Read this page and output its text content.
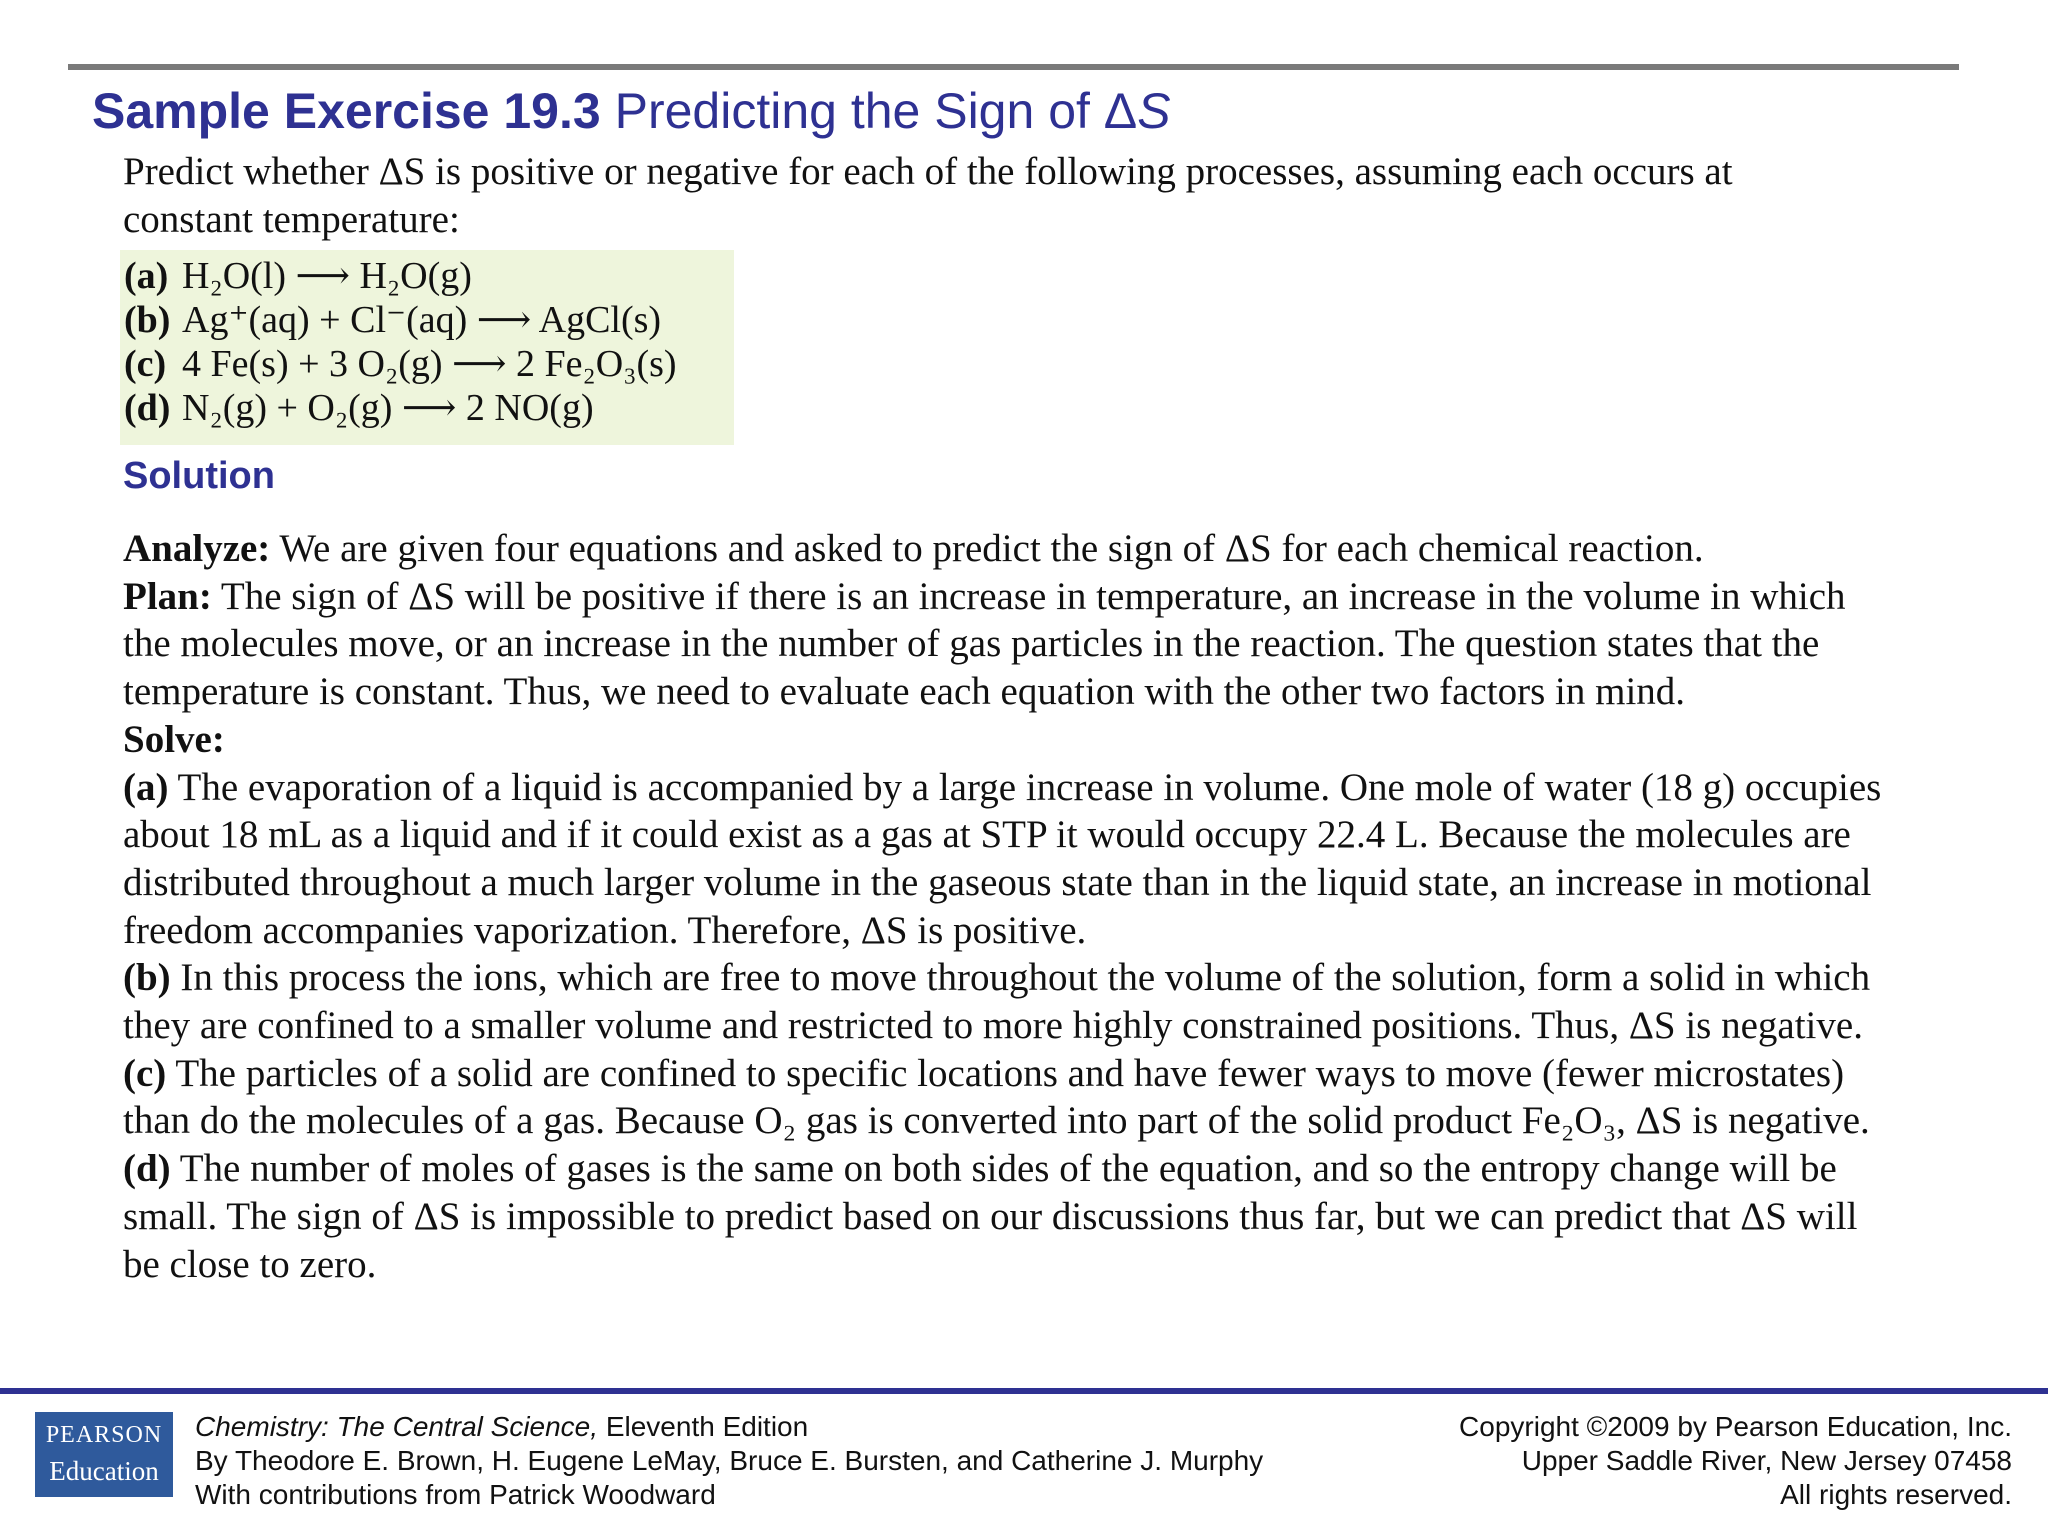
Sample Exercise 19.3 Predicting the Sign of ΔS
Predict whether ΔS is positive or negative for each of the following processes, assuming each occurs at
constant temperature:
(a) H₂O(l) ⟶ H₂O(g)
(b) Ag⁺(aq) + Cl⁻(aq) ⟶ AgCl(s)
(c) 4 Fe(s) + 3 O₂(g) ⟶ 2 Fe₂O₃(s)
(d) N₂(g) + O₂(g) ⟶ 2 NO(g)
Solution

Analyze: We are given four equations and asked to predict the sign of ΔS for each chemical reaction.

Plan: The sign of ΔS will be positive if there is an increase in temperature, an increase in the volume in which the molecules move, or an increase in the number of gas particles in the reaction. The question states that the temperature is constant. Thus, we need to evaluate each equation with the other two factors in mind.

Solve:

(a) The evaporation of a liquid is accompanied by a large increase in volume. One mole of water (18 g) occupies about 18 mL as a liquid and if it could exist as a gas at STP it would occupy 22.4 L. Because the molecules are distributed throughout a much larger volume in the gaseous state than in the liquid state, an increase in motional freedom accompanies vaporization. Therefore, ΔS is positive.

(b) In this process the ions, which are free to move throughout the volume of the solution, form a solid in which they are confined to a smaller volume and restricted to more highly constrained positions. Thus, ΔS is negative.

(c) The particles of a solid are confined to specific locations and have fewer ways to move (fewer microstates) than do the molecules of a gas. Because O₂ gas is converted into part of the solid product Fe₂O₃, ΔS is negative.

(d) The number of moles of gases is the same on both sides of the equation, and so the entropy change will be small. The sign of ΔS is impossible to predict based on our discussions thus far, but we can predict that ΔS will be close to zero.

PEARSON
Education
Chemistry: The Central Science, Eleventh Edition
By Theodore E. Brown, H. Eugene LeMay, Bruce E. Bursten, and Catherine J. Murphy
With contributions from Patrick Woodward
Copyright ©2009 by Pearson Education, Inc.
Upper Saddle River, New Jersey 07458
All rights reserved.
